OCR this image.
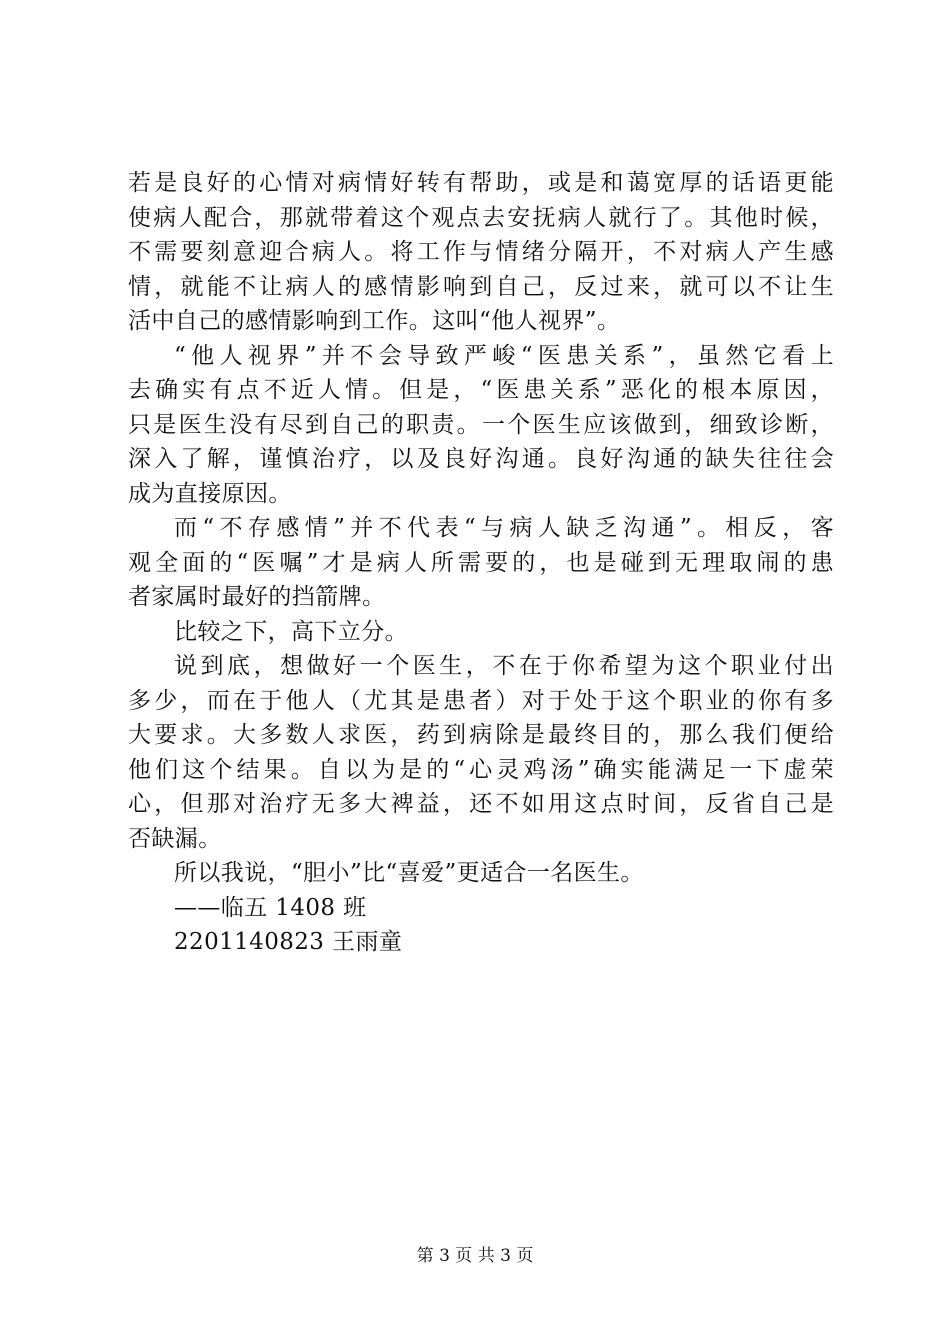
若是良好的心情对病情好转有帮助，或是和蔼宽厚的话语更能
使病人配合，那就带着这个观点去安抚病人就行了。其他时候，
不需要刻意迎合病人。将工作与情绪分隔开，不对病人产生感
情，就能不让病人的感情影响到自己，反过来，就可以不让生
活中自己的感情影响到工作。这叫“他人视界”。
“他人视界”并不会导致严峻“医患关系”，虽然它看上
去确实有点不近人情。但是，“医患关系”恶化的根本原因，
只是医生没有尽到自己的职责。一个医生应该做到，细致诊断，
深入了解，谨慎治疗，以及良好沟通。良好沟通的缺失往往会
成为直接原因。
而“不存感情”并不代表“与病人缺乏沟通”。相反，客
观全面的“医嘱”才是病人所需要的，也是碰到无理取闹的患
者家属时最好的挡箭牌。
比较之下，高下立分。
说到底，想做好一个医生，不在于你希望为这个职业付出
多少，而在于他人（尤其是患者）对于处于这个职业的你有多
大要求。大多数人求医，药到病除是最终目的，那么我们便给
他们这个结果。自以为是的“心灵鸡汤”确实能满足一下虚荣
心，但那对治疗无多大裨益，还不如用这点时间，反省自己是
否缺漏。
所以我说，“胆小”比“喜爱”更适合一名医生。
——临五 1408 班
2201140823 王雨童
第 3 页 共 3 页
